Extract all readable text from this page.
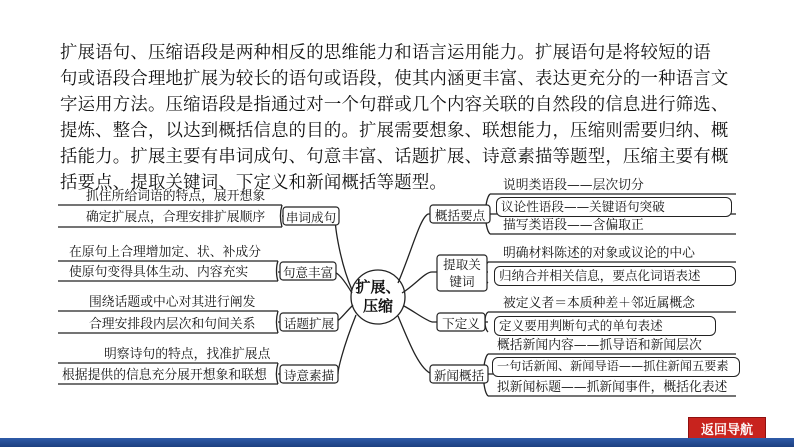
扩展语句、压缩语段是两种相反的思维能力和语言运用能力。扩展语句是将较短的语
句或语段合理地扩展为较长的语句或语段，使其内涵更丰富、表达更充分的一种语言文
字运用方法。压缩语段是指通过对一个句群或几个内容关联的自然段的信息进行筛选、
提炼、整合，以达到概括信息的目的。扩展需要想象、联想能力，压缩则需要归纳、概
括能力。扩展主要有串词成句、句意丰富、话题扩展、诗意素描等题型，压缩主要有概
括要点、提取关键词、下定义和新闻概括等题型。
扩展、
压缩
串词成句
句意丰富
话题扩展
诗意素描
抓住所给词语的特点，展开想象
确定扩展点，合理安排扩展顺序
在原句上合理增加定、状、补成分
使原句变得具体生动、内容充实
围绕话题或中心对其进行阐发
合理安排段内层次和句间关系
明察诗句的特点，找准扩展点
根据提供的信息充分展开想象和联想
概括要点
提取关键词
下定义
新闻概括
说明类语段——层次切分
议论性语段——关键语句突破
描写类语段——含偏取正
明确材料陈述的对象或议论的中心
归纳合并相关信息，要点化词语表述
被定义者＝本质种差＋邻近属概念
定义要用判断句式的单句表述
概括新闻内容——抓导语和新闻层次
一句话新闻、新闻导语——抓住新闻五要素
拟新闻标题——抓新闻事件，概括化表述
返回导航
